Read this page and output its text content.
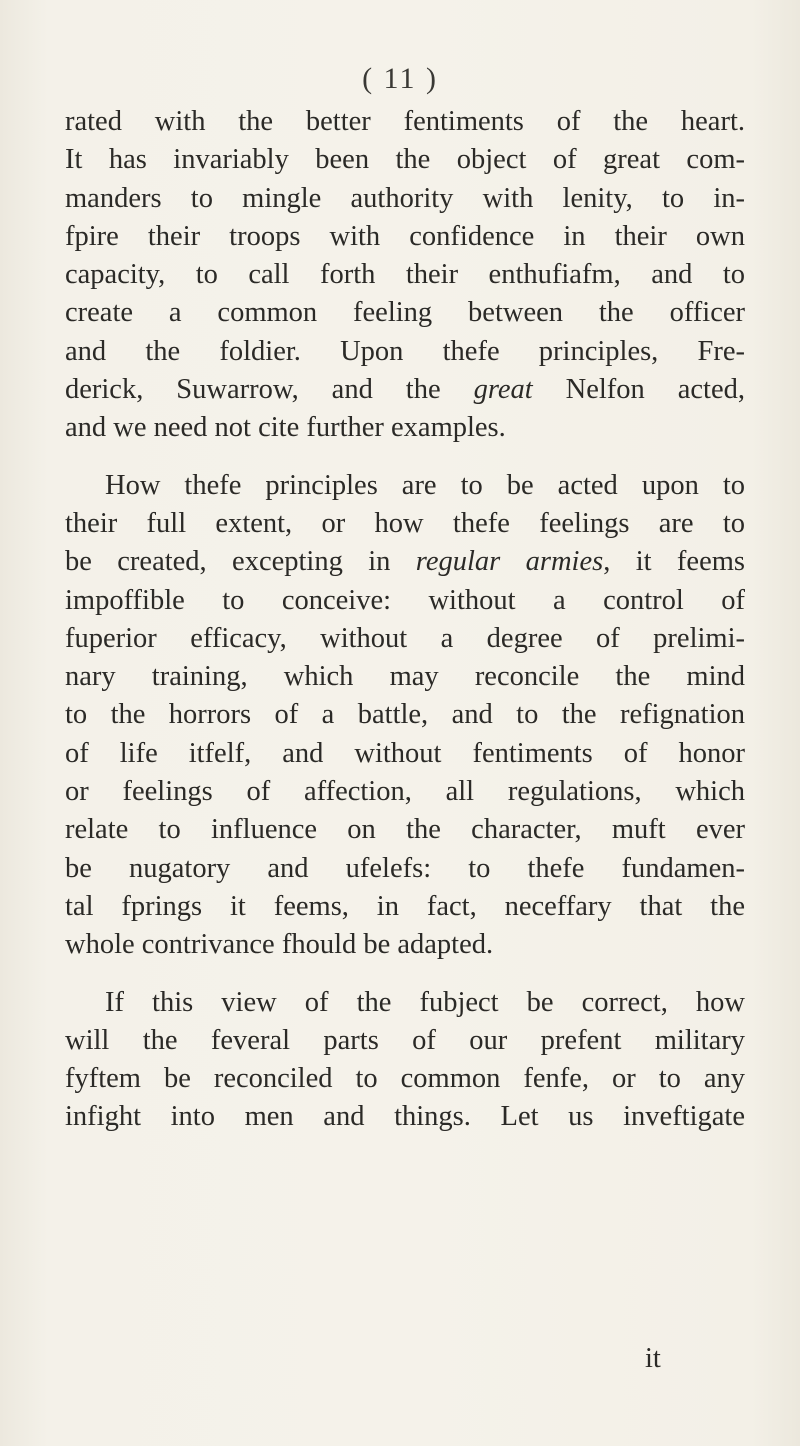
( 11 )
rated with the better fentiments of the heart.
It has invariably been the object of great com-
manders to mingle authority with lenity, to in-
fpire their troops with confidence in their own
capacity, to call forth their enthufiafm, and to
create a common feeling between the officer
and the foldier. Upon thefe principles, Fre-
derick, Suwarrow, and the great Nelfon acted,
and we need not cite further examples.
How thefe principles are to be acted upon to
their full extent, or how thefe feelings are to
be created, excepting in regular armies, it feems
impoffible to conceive: without a control of
fuperior efficacy, without a degree of prelimi-
nary training, which may reconcile the mind
to the horrors of a battle, and to the refignation
of life itfelf, and without fentiments of honor
or feelings of affection, all regulations, which
relate to influence on the character, muft ever
be nugatory and ufelefs: to thefe fundamen-
tal fprings it feems, in fact, neceffary that the
whole contrivance fhould be adapted.
If this view of the fubject be correct, how
will the feveral parts of our prefent military
fyftem be reconciled to common fenfe, or to any
infight into men and things. Let us inveftigate
it
